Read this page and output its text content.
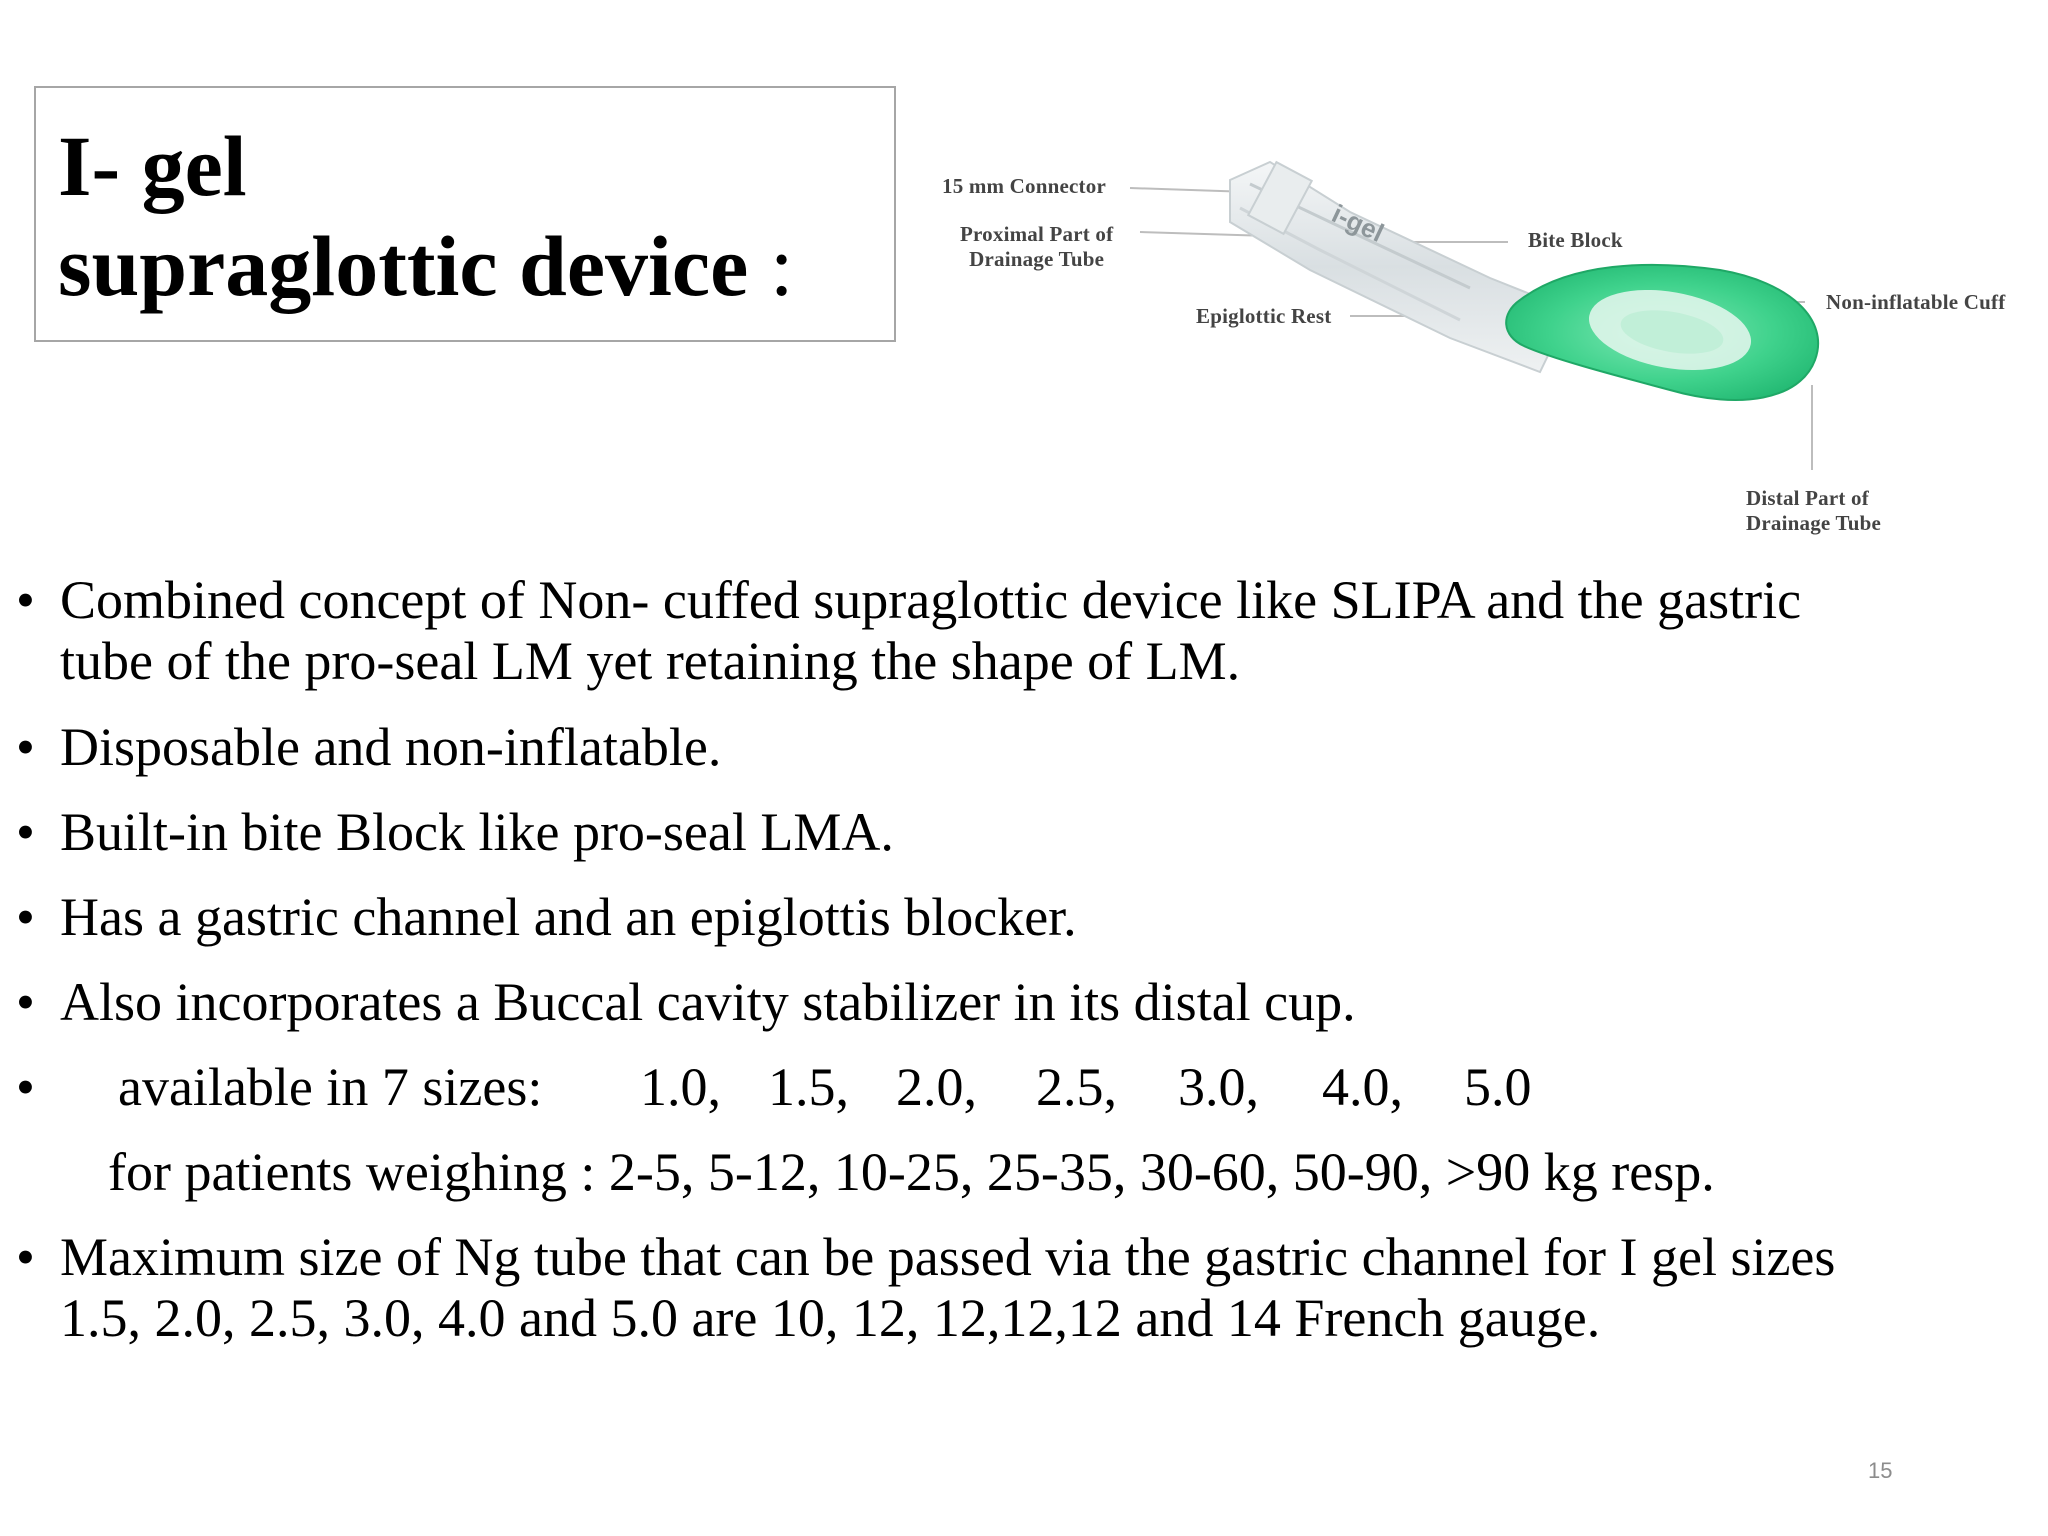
I- gel
supraglottic device :	i-gel
15 mm Connector
Proximal Part of
Drainage Tube
Bite Block
Epiglottic Rest
Non-inflatable Cuff
Distal Part of
Drainage Tube
• Combined concept of Non- cuffed supraglottic device like SLIPA and the gastric
tube of the pro-seal LM yet retaining the shape of LM.
• Disposable and non-inflatable.
• Built-in bite Block like pro-seal LMA.
• Has a gastric channel and an epiglottis blocker.
• Also incorporates a Buccal cavity stabilizer in its distal cup.
• available in 7 sizes: 1.0, 1.5, 2.0, 2.5, 3.0, 4.0, 5.0
for patients weighing : 2-5, 5-12, 10-25, 25-35, 30-60, 50-90, >90 kg resp.
• Maximum size of Ng tube that can be passed via the gastric channel for I gel sizes
1.5, 2.0, 2.5, 3.0, 4.0 and 5.0 are 10, 12, 12,12,12 and 14 French gauge.
15
